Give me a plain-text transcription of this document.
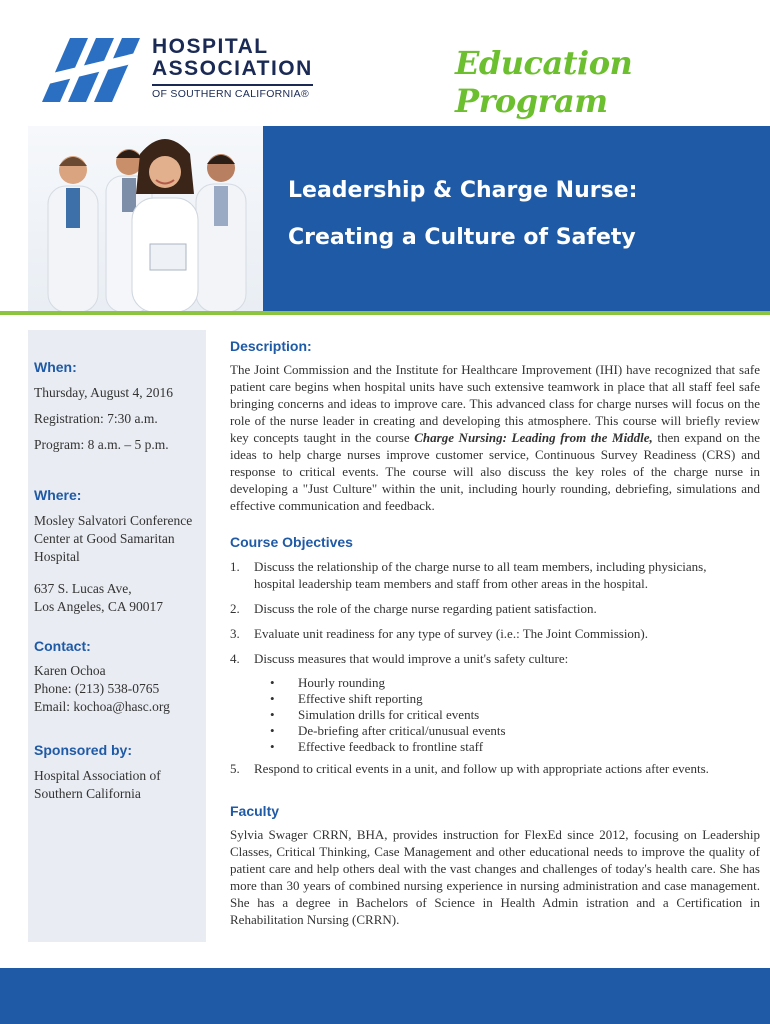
HOSPITAL
ASSOCIATION
OF SOUTHERN CALIFORNIA®
Education Program
Leadership & Charge Nurse:
Creating a Culture of Safety
When:
Thursday, August 4, 2016
Registration: 7:30 a.m.
Program: 8 a.m. – 5 p.m.
Where:
Mosley Salvatori Conference Center at Good Samaritan Hospital
637 S. Lucas Ave,
Los Angeles, CA 90017
Contact:
Karen Ochoa
Phone: (213) 538-0765
Email: kochoa@hasc.org
Sponsored by:
Hospital Association of Southern California
Description:
The Joint Commission and the Institute for Healthcare Improvement (IHI) have recognized that safe patient care begins when hospital units have such extensive teamwork in place that all staff feel safe bringing concerns and ideas to improve care. This advanced class for charge nurses will focus on the role of the nurse leader in creating and developing this atmosphere. This course will briefly review key concepts taught in the course Charge Nursing: Leading from the Middle, then expand on the ideas to help charge nurses improve customer service, Continuous Survey Readiness (CRS) and response to critical events. The course will also discuss the key roles of the charge nurse in developing a "Just Culture" within the unit, including hourly rounding, debriefing, simulations and effective communication and feedback.
Course Objectives
1. Discuss the relationship of the charge nurse to all team members, including physicians,
hospital leadership team members and staff from other areas in the hospital.
2. Discuss the role of the charge nurse regarding patient satisfaction.
3. Evaluate unit readiness for any type of survey (i.e.: The Joint Commission).
4. Discuss measures that would improve a unit's safety culture:
• Hourly rounding
• Effective shift reporting
• Simulation drills for critical events
• De-briefing after critical/unusual events
• Effective feedback to frontline staff
5. Respond to critical events in a unit, and follow up with appropriate actions after events.
Faculty
Sylvia Swager CRRN, BHA, provides instruction for FlexEd since 2012, focusing on Leadership Classes, Critical Thinking, Case Management and other educational needs to improve the quality of patient care and help others deal with the vast changes and challenges of today's health care. She has more than 30 years of combined nursing experience in nursing administration and case management. She has a degree in Bachelors of Science in Health Admin istration and a Certification in Rehabilitation Nursing (CRRN).
